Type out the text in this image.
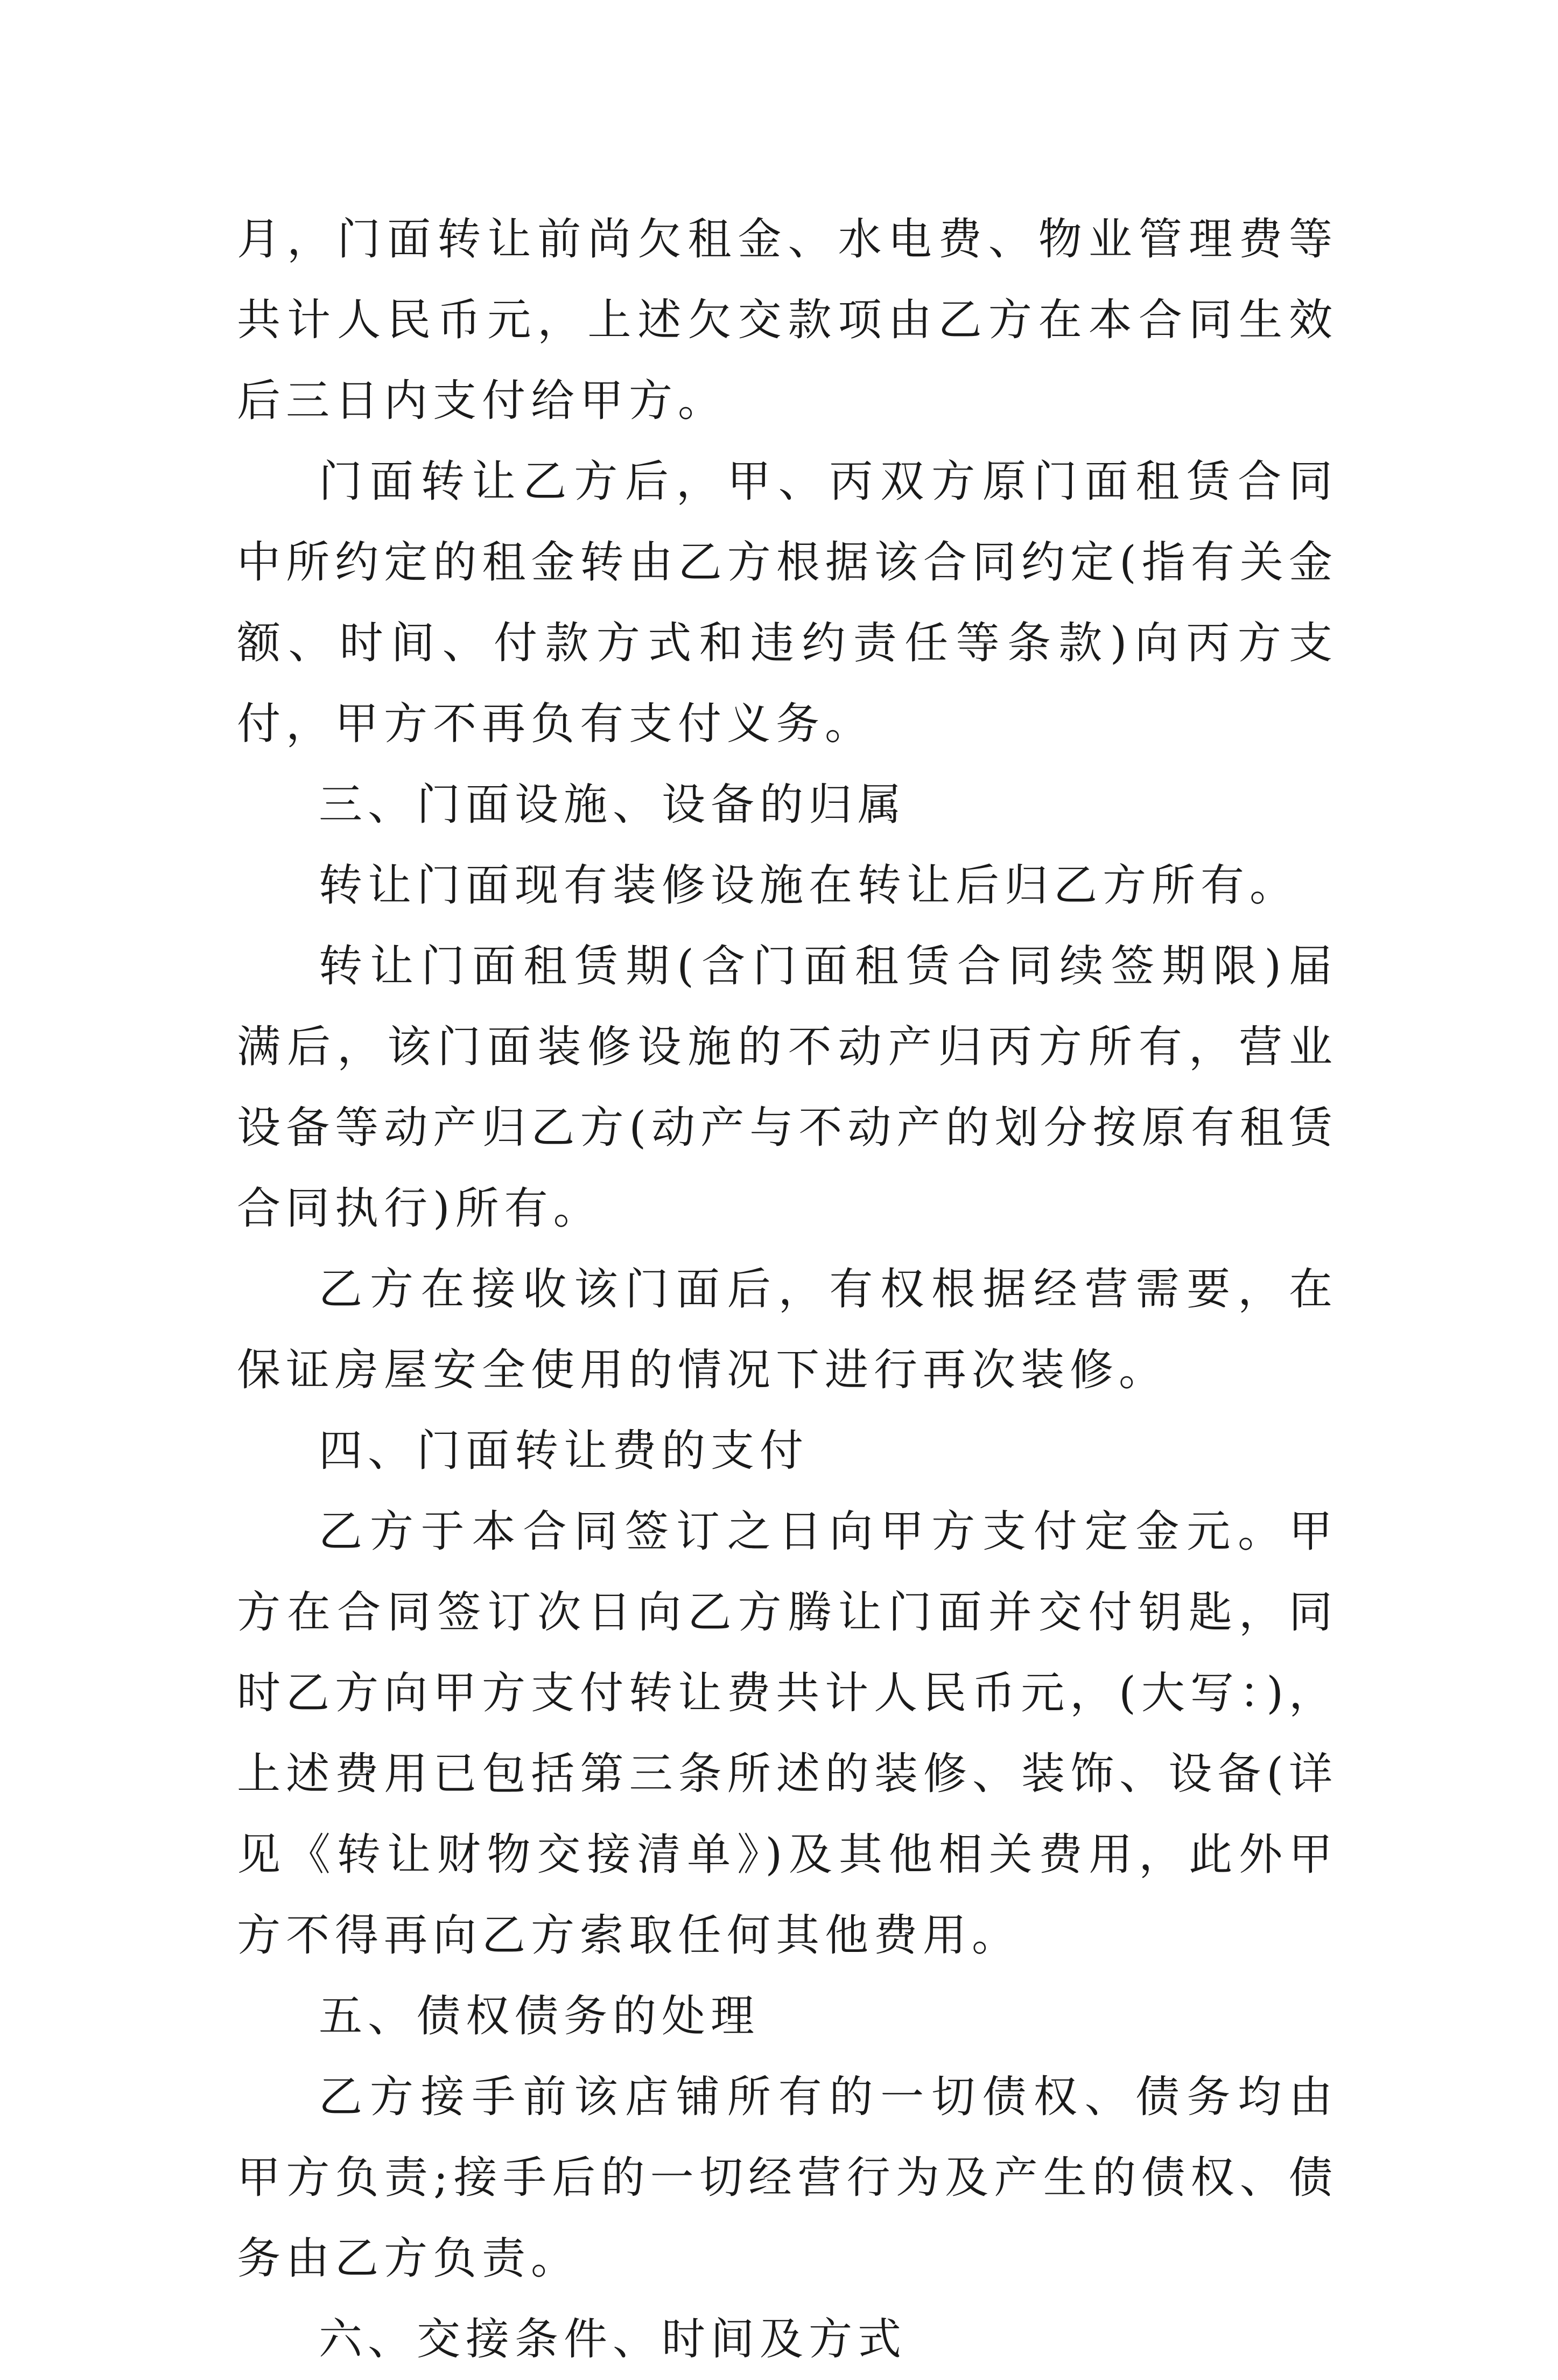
月，门面转让前尚欠租金、水电费、物业管理费等共计人民币元，上述欠交款项由乙方在本合同生效后三日内支付给甲方。

门面转让乙方后，甲、丙双方原门面租赁合同中所约定的租金转由乙方根据该合同约定(指有关金额、时间、付款方式和违约责任等条款)向丙方支付，甲方不再负有支付义务。

三、门面设施、设备的归属

转让门面现有装修设施在转让后归乙方所有。

转让门面租赁期(含门面租赁合同续签期限)届满后，该门面装修设施的不动产归丙方所有，营业设备等动产归乙方(动产与不动产的划分按原有租赁合同执行)所有。

乙方在接收该门面后，有权根据经营需要，在保证房屋安全使用的情况下进行再次装修。

四、门面转让费的支付

乙方于本合同签订之日向甲方支付定金元。甲方在合同签订次日向乙方腾让门面并交付钥匙，同时乙方向甲方支付转让费共计人民币元，(大写：)，上述费用已包括第三条所述的装修、装饰、设备(详见《转让财物交接清单》)及其他相关费用，此外甲方不得再向乙方索取任何其他费用。

五、债权债务的处理

乙方接手前该店铺所有的一切债权、债务均由甲方负责;接手后的一切经营行为及产生的债权、债务由乙方负责。

六、交接条件、时间及方式
